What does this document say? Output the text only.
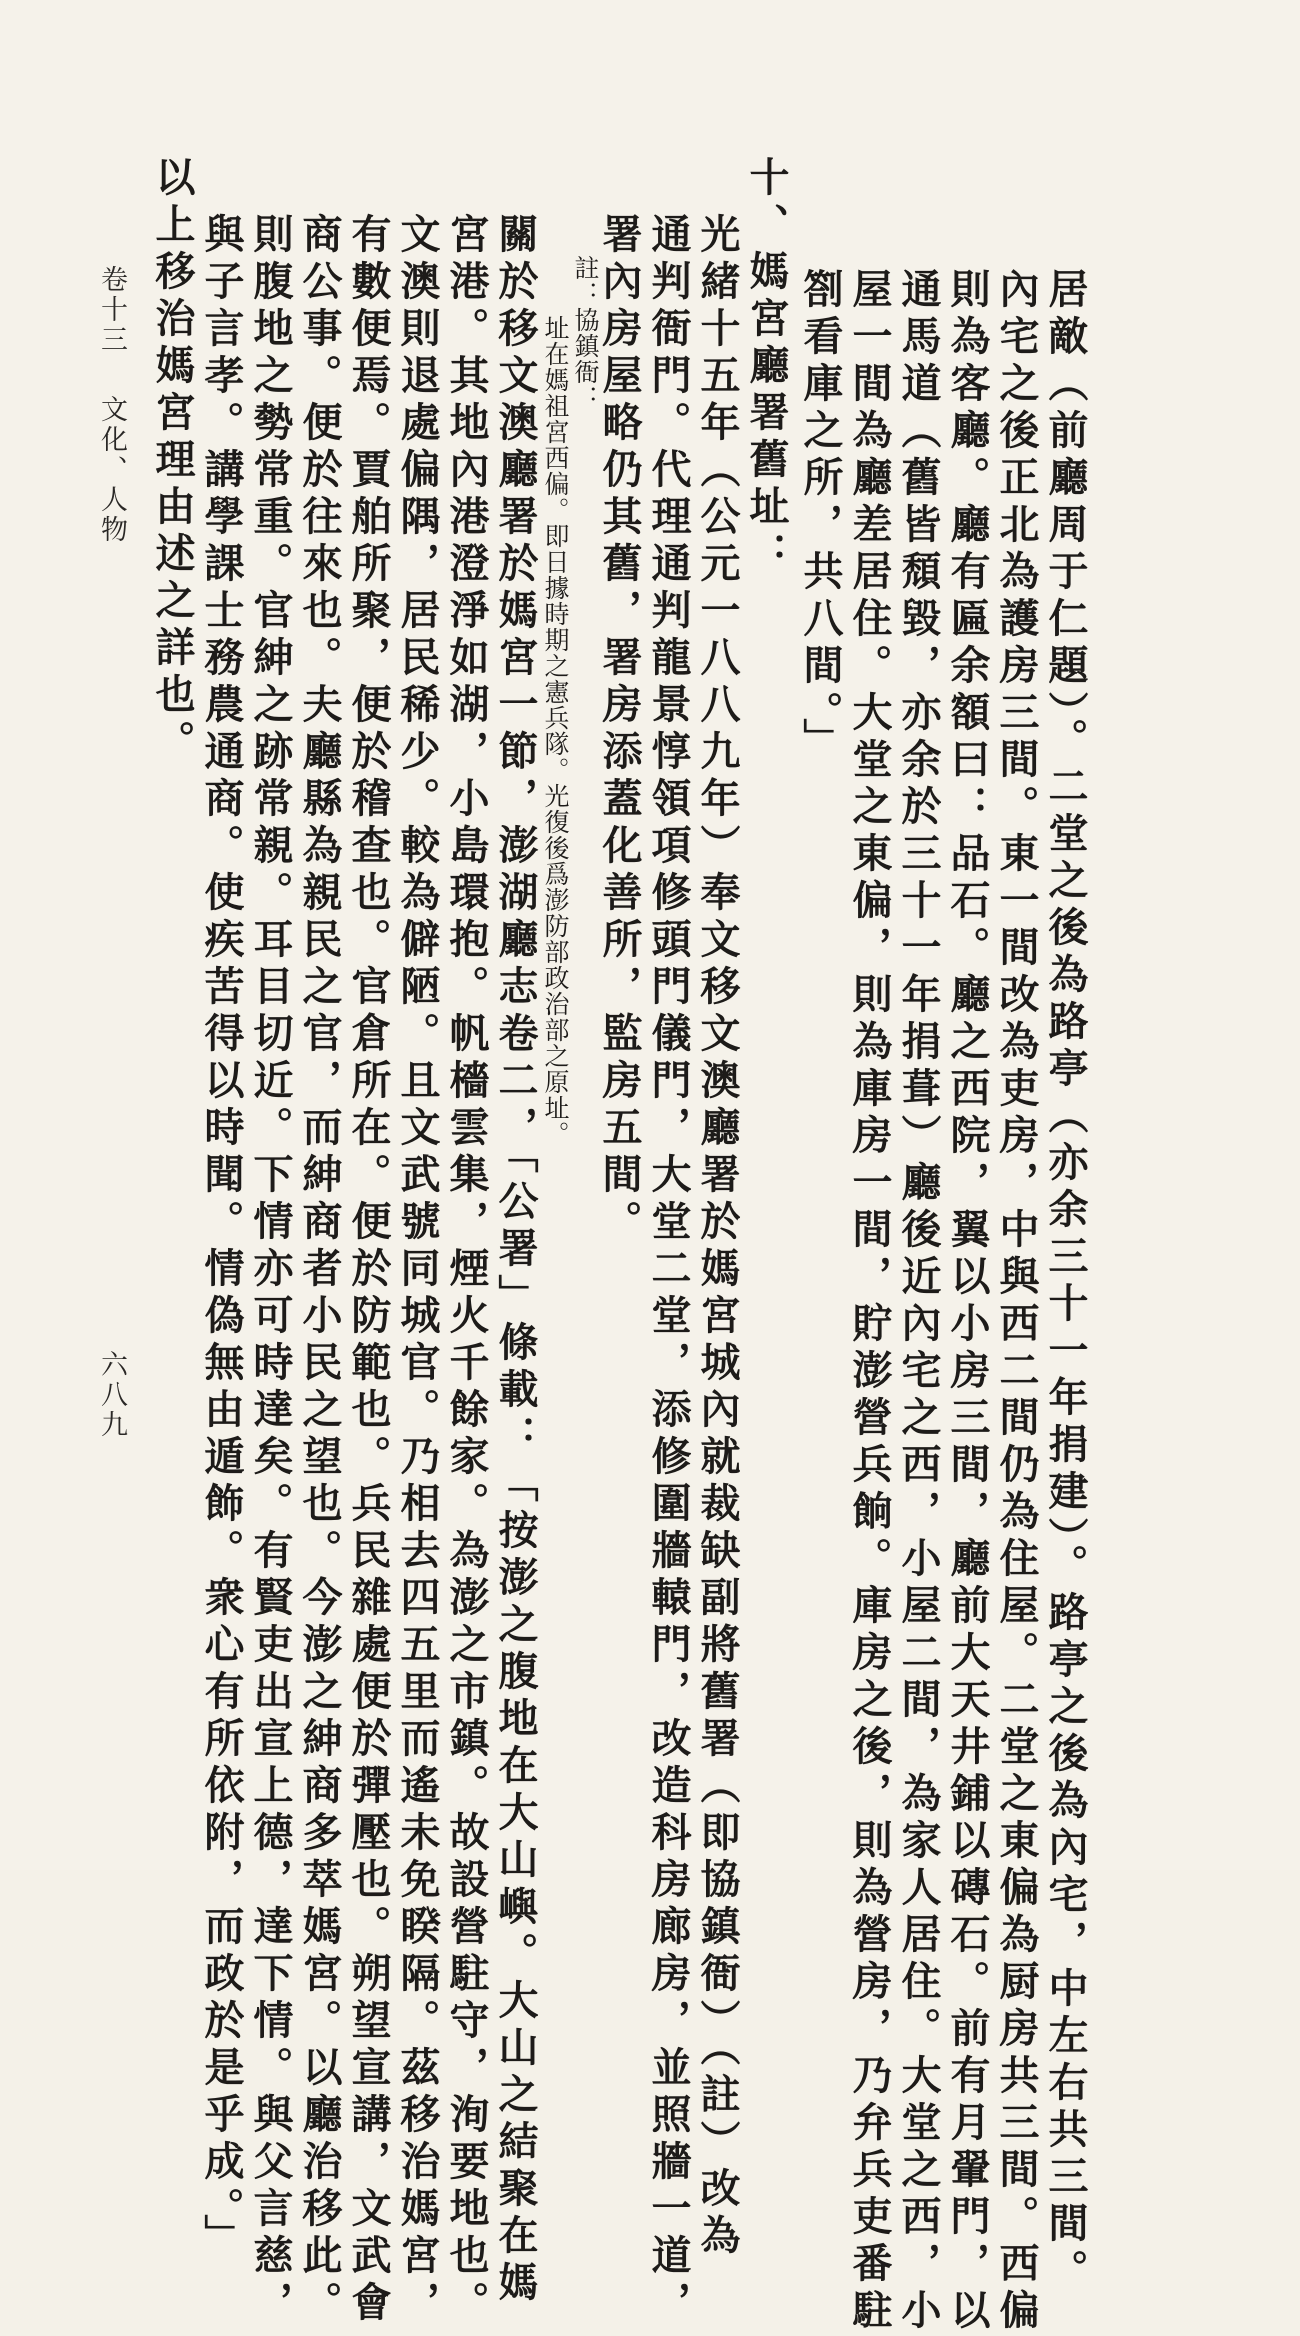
居敵（前廳周于仁題）。二堂之後為路亭（亦余三十一年捐建）。路亭之後為內宅，中左右共三間。
內宅之後正北為護房三間。東一間改為吏房，中與西二間仍為住屋。二堂之東偏為厨房共三間。西偏
則為客廳。廳有匾余額曰：品石。廳之西院，翼以小房三間，廳前大天井鋪以磚石。前有月翬門，以
通馬道（舊皆頹毀，亦余於三十一年捐葺）廳後近內宅之西，小屋二間，為家人居住。大堂之西，小
屋一間為廳差居住。大堂之東偏，則為庫房一間，貯澎營兵餉。庫房之後，則為營房，乃弁兵吏番駐
劄看庫之所，共八間。」
十、媽宮廳署舊址：
光緒十五年（公元一八八九年）奉文移文澳廳署於媽宮城內就裁缺副將舊署（即協鎮衙）（註）改為
通判衙門。代理通判龍景惇領項修頭門儀門，大堂二堂，添修圍牆轅門，改造科房廊房，並照牆一道，
署內房屋略仍其舊，署房添蓋化善所，監房五間。
註：協鎮衙：
址在媽祖宮西偏。即日據時期之憲兵隊。光復後爲澎防部政治部之原址。
關於移文澳廳署於媽宮一節，澎湖廳志卷二，「公署」條載：「按澎之腹地在大山嶼。大山之結聚在媽
宮港。其地內港澄淨如湖，小島環抱。帆檣雲集，煙火千餘家。為澎之市鎮。故設營駐守，洵要地也。
文澳則退處偏隅，居民稀少。較為僻陋。且文武號同城官。乃相去四五里而遙未免睽隔。茲移治媽宮，
有數便焉。賈舶所聚，便於稽查也。官倉所在。便於防範也。兵民雜處便於彈壓也。朔望宣講，文武會
商公事。便於往來也。夫廳縣為親民之官，而紳商者小民之望也。今澎之紳商多萃媽宮。以廳治移此。
則腹地之勢常重。官紳之跡常親。耳目切近。下情亦可時達矣。有賢吏出宣上德，達下情。與父言慈，
與子言孝。講學課士務農通商。使疾苦得以時聞。情偽無由遁飾。衆心有所依附，而政於是乎成。」
以上移治媽宮理由述之詳也。
卷十三
文化、人物
六八九
